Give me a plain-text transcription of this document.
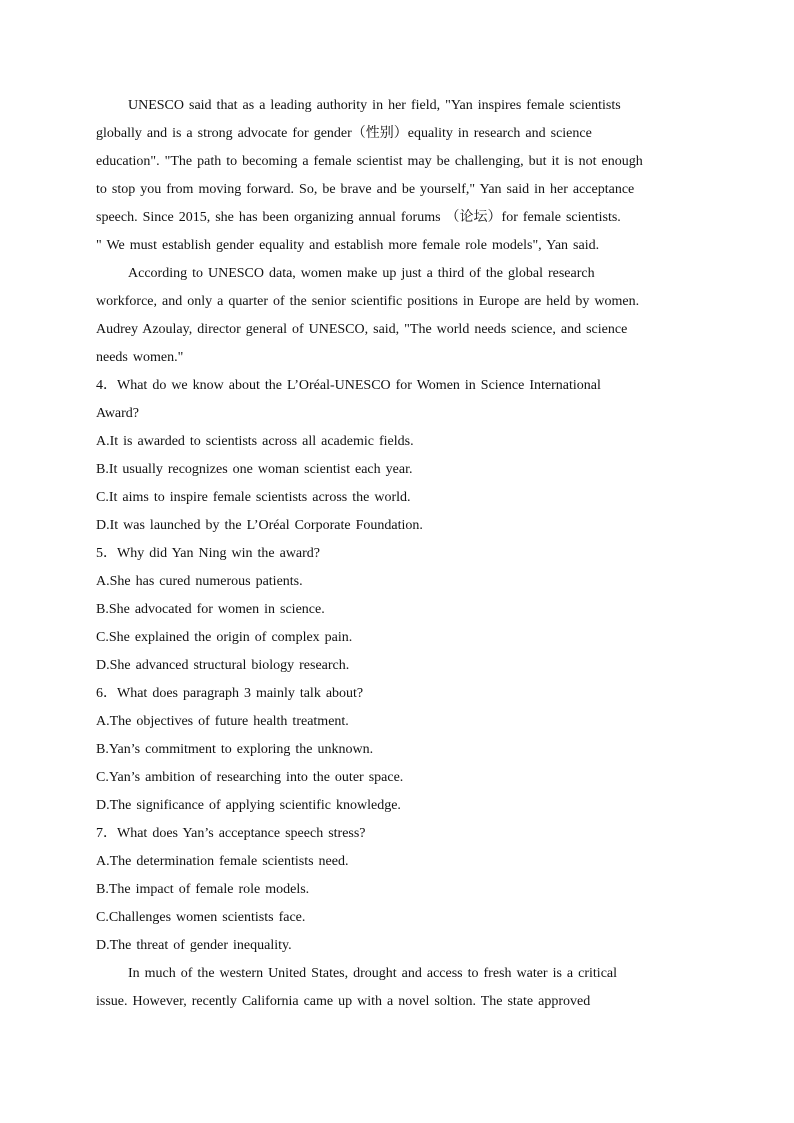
UNESCO said that as a leading authority in her field, "Yan inspires female scientists
globally and is a strong advocate for gender（性别）equality in research and science
education". "The path to becoming a female scientist may be challenging, but it is not enough
to stop you from moving forward. So, be brave and be yourself," Yan said in her acceptance
speech. Since 2015, she has been organizing annual forums （论坛）for female scientists.
" We must establish gender equality and establish more female role models", Yan said.
According to UNESCO data, women make up just a third of the global research
workforce, and only a quarter of the senior scientific positions in Europe are held by women.
Audrey Azoulay, director general of UNESCO, said, "The world needs science, and science
needs women."
4．What do we know about the L’Oréal-UNESCO for Women in Science International
Award?
A.It is awarded to scientists across all academic fields.
B.It usually recognizes one woman scientist each year.
C.It aims to inspire female scientists across the world.
D.It was launched by the L’Oréal Corporate Foundation.
5．Why did Yan Ning win the award?
A.She has cured numerous patients.
B.She advocated for women in science.
C.She explained the origin of complex pain.
D.She advanced structural biology research.
6．What does paragraph 3 mainly talk about?
A.The objectives of future health treatment.
B.Yan’s commitment to exploring the unknown.
C.Yan’s ambition of researching into the outer space.
D.The significance of applying scientific knowledge.
7．What does Yan’s acceptance speech stress?
A.The determination female scientists need.
B.The impact of female role models.
C.Challenges women scientists face.
D.The threat of gender inequality.
In much of the western United States, drought and access to fresh water is a critical
issue. However, recently California came up with a novel soltion. The state approved
